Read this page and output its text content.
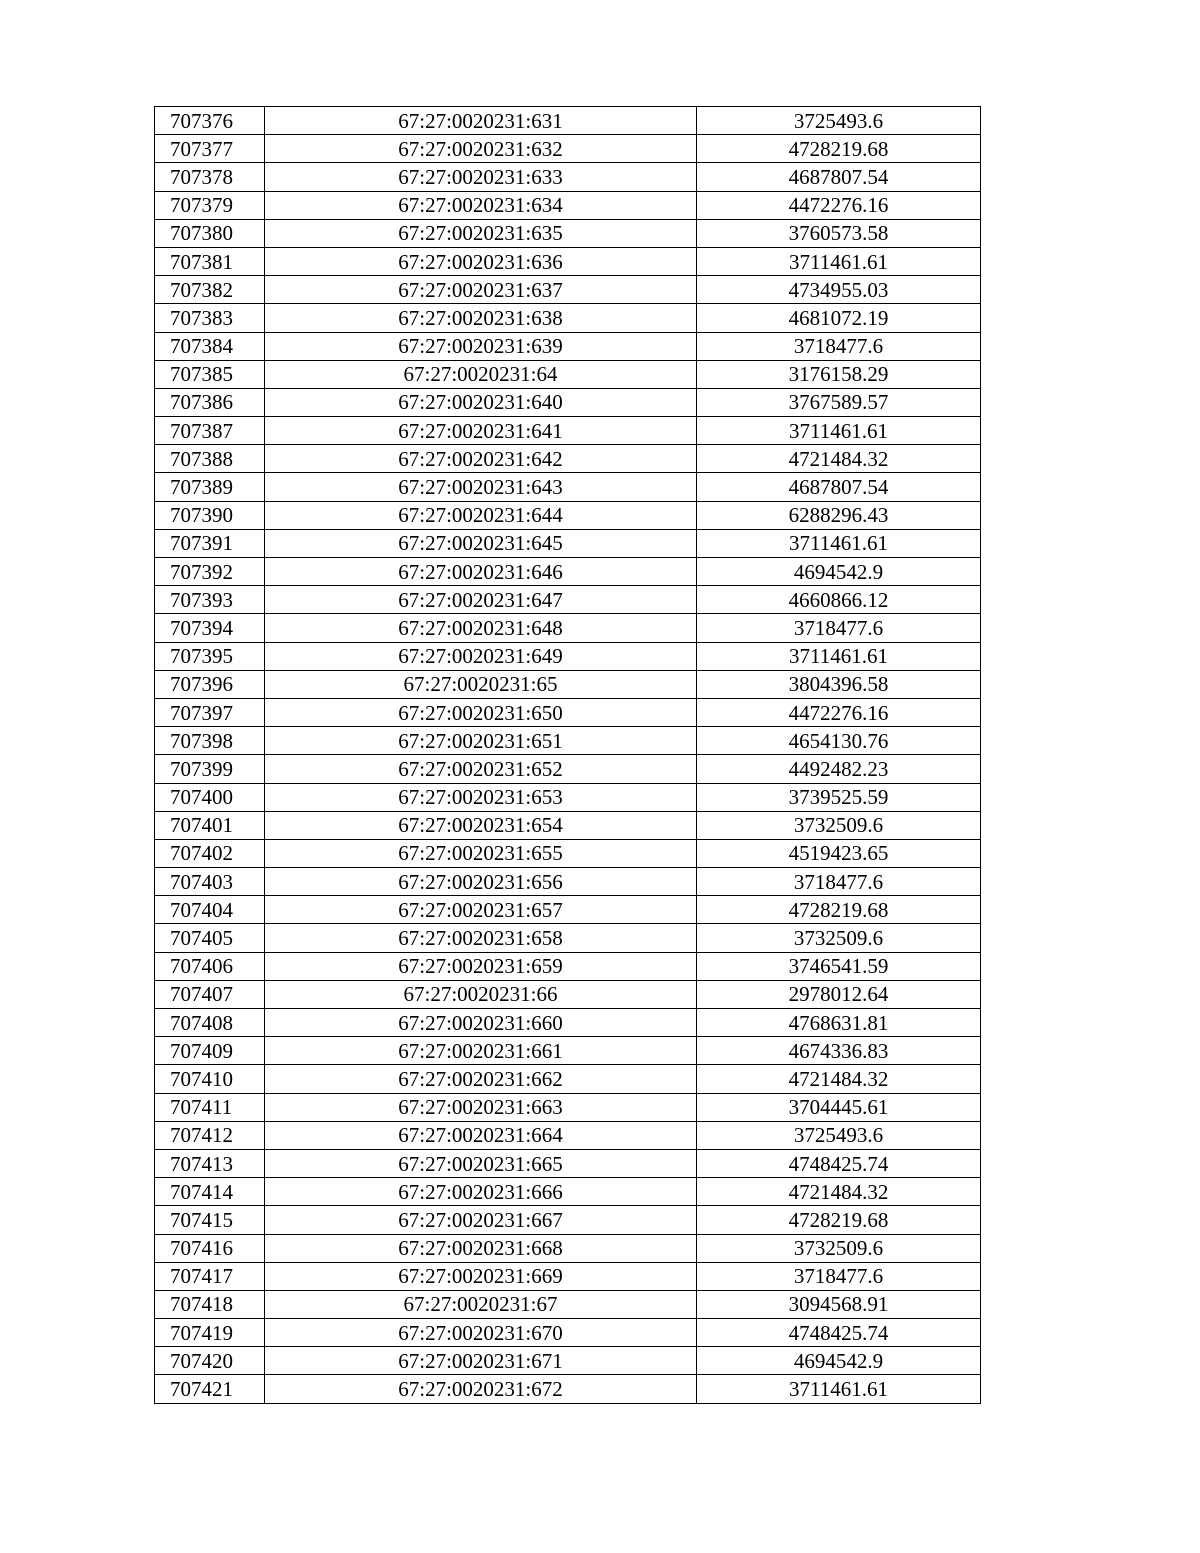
707376	67:27:0020231:631	3725493.6
707377	67:27:0020231:632	4728219.68
707378	67:27:0020231:633	4687807.54
707379	67:27:0020231:634	4472276.16
707380	67:27:0020231:635	3760573.58
707381	67:27:0020231:636	3711461.61
707382	67:27:0020231:637	4734955.03
707383	67:27:0020231:638	4681072.19
707384	67:27:0020231:639	3718477.6
707385	67:27:0020231:64	3176158.29
707386	67:27:0020231:640	3767589.57
707387	67:27:0020231:641	3711461.61
707388	67:27:0020231:642	4721484.32
707389	67:27:0020231:643	4687807.54
707390	67:27:0020231:644	6288296.43
707391	67:27:0020231:645	3711461.61
707392	67:27:0020231:646	4694542.9
707393	67:27:0020231:647	4660866.12
707394	67:27:0020231:648	3718477.6
707395	67:27:0020231:649	3711461.61
707396	67:27:0020231:65	3804396.58
707397	67:27:0020231:650	4472276.16
707398	67:27:0020231:651	4654130.76
707399	67:27:0020231:652	4492482.23
707400	67:27:0020231:653	3739525.59
707401	67:27:0020231:654	3732509.6
707402	67:27:0020231:655	4519423.65
707403	67:27:0020231:656	3718477.6
707404	67:27:0020231:657	4728219.68
707405	67:27:0020231:658	3732509.6
707406	67:27:0020231:659	3746541.59
707407	67:27:0020231:66	2978012.64
707408	67:27:0020231:660	4768631.81
707409	67:27:0020231:661	4674336.83
707410	67:27:0020231:662	4721484.32
707411	67:27:0020231:663	3704445.61
707412	67:27:0020231:664	3725493.6
707413	67:27:0020231:665	4748425.74
707414	67:27:0020231:666	4721484.32
707415	67:27:0020231:667	4728219.68
707416	67:27:0020231:668	3732509.6
707417	67:27:0020231:669	3718477.6
707418	67:27:0020231:67	3094568.91
707419	67:27:0020231:670	4748425.74
707420	67:27:0020231:671	4694542.9
707421	67:27:0020231:672	3711461.61
